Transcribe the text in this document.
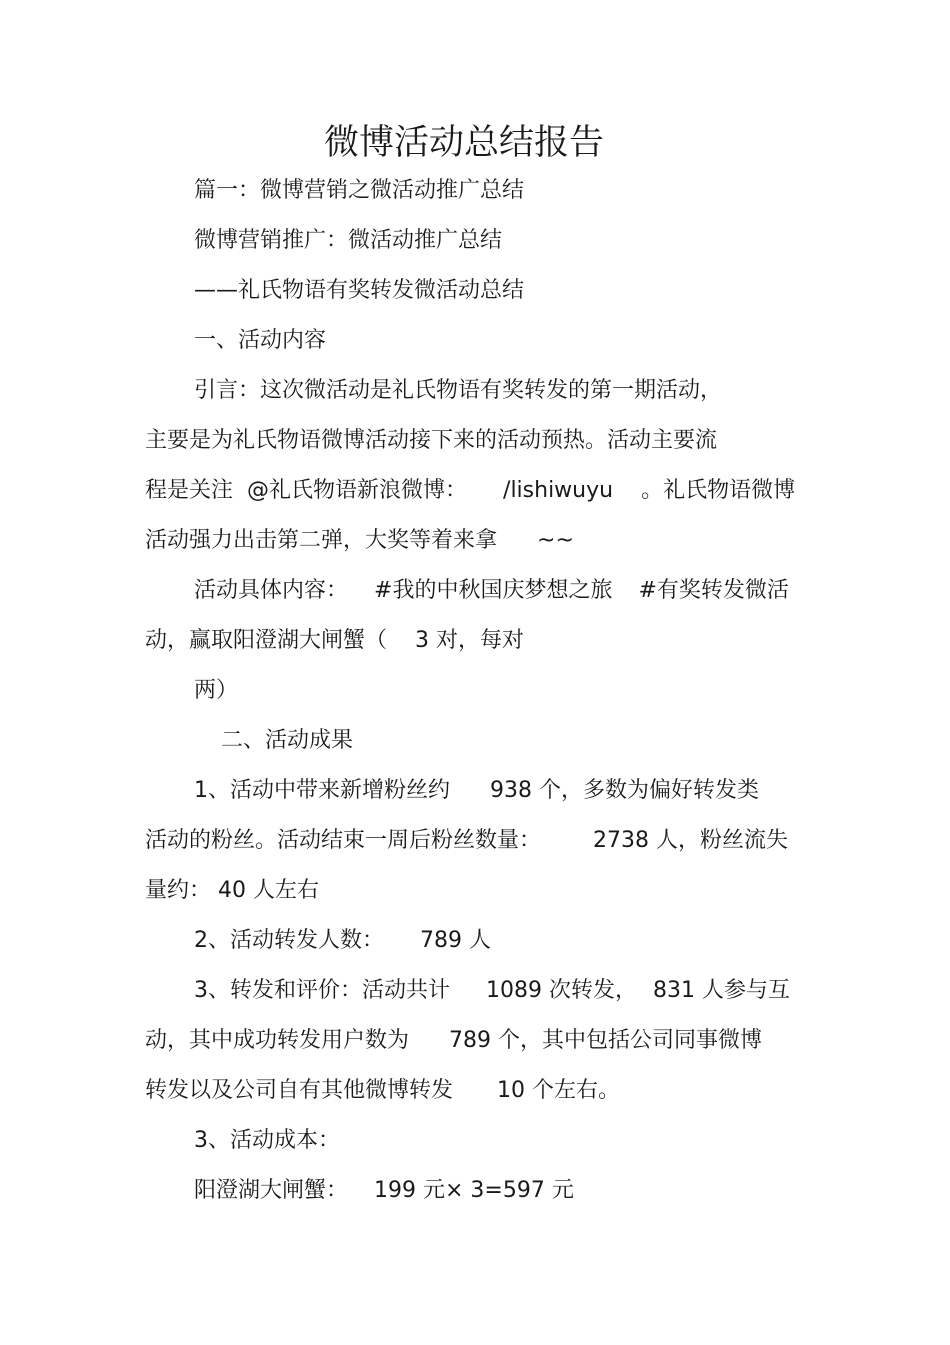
微博活动总结报告
篇一：微博营销之微活动推广总结
微博营销推广：微活动推广总结
——礼氏物语有奖转发微活动总结
一、活动内容
引言：这次微活动是礼氏物语有奖转发的第一期活动，
主要是为礼氏物语微博活动接下来的活动预热。活动主要流
程是关注 @礼氏物语新浪微博： /lishiwuyu 。礼氏物语微博
活动强力出击第二弹，大奖等着来拿 ~~
活动具体内容： #我的中秋国庆梦想之旅 #有奖转发微活
动，赢取阳澄湖大闸蟹（ 3 对，每对
两）
二、活动成果
1、活动中带来新增粉丝约 938 个，多数为偏好转发类
活动的粉丝。活动结束一周后粉丝数量： 2738 人，粉丝流失
量约： 40 人左右
2、活动转发人数： 789 人
3、转发和评价：活动共计 1089 次转发， 831 人参与互
动，其中成功转发用户数为 789 个，其中包括公司同事微博
转发以及公司自有其他微博转发 10 个左右。
3、活动成本：
阳澄湖大闸蟹： 199 元× 3=597 元
